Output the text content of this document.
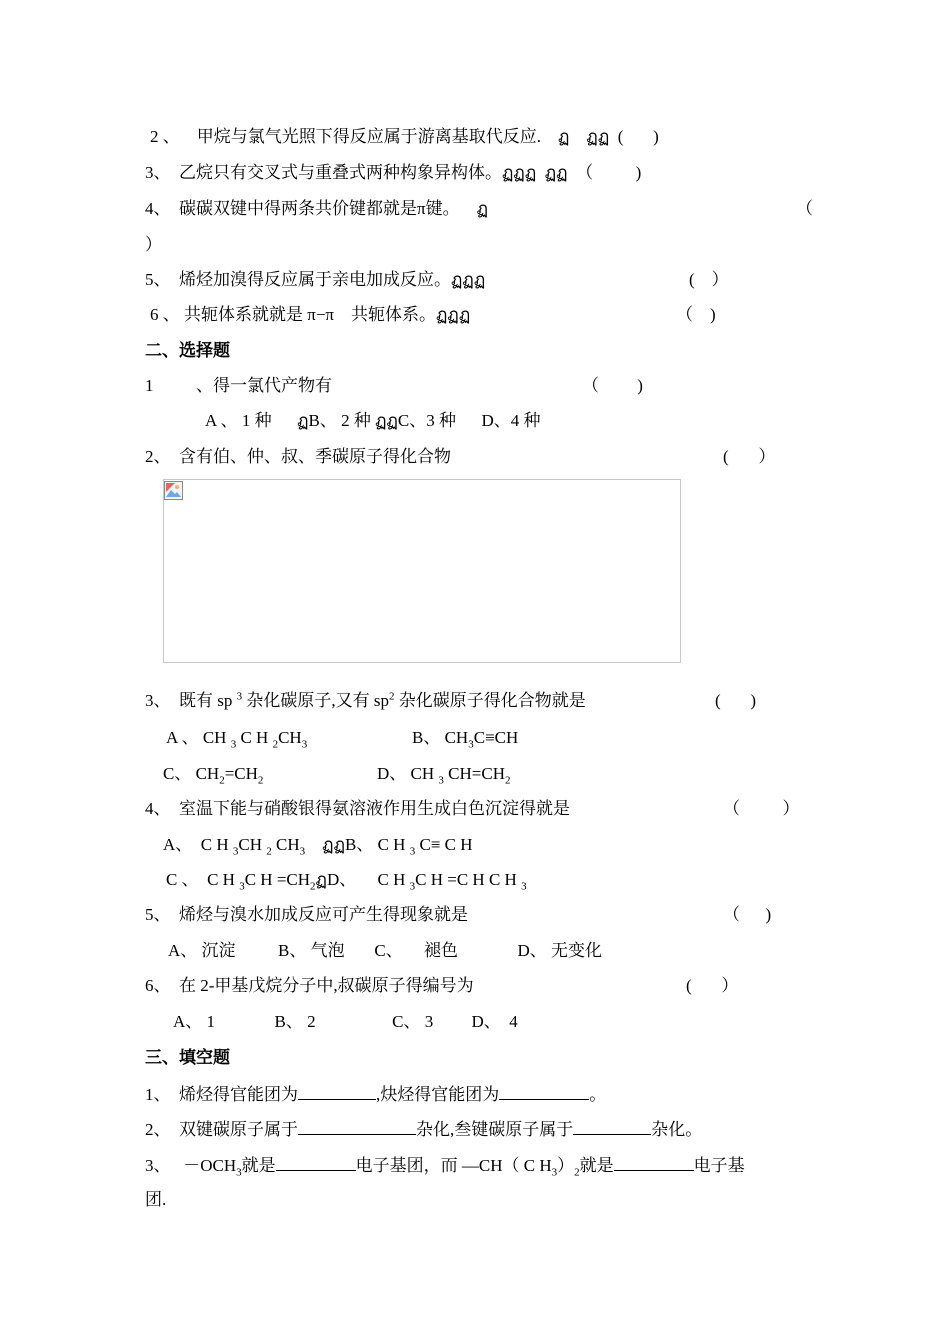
2 、 甲烷与氯气光照下得反应属于游离基取代反应. ฏ    ฏฏ (       )
3、 乙烷只有交叉式与重叠式两种构象异构体。ฏฏฏ  ฏฏ （          )
4、 碳碳双键中得两条共价键都就是π键。 ฏ	（
）
5、 烯烃加溴得反应属于亲电加成反应。ฏฏฏ	(    ）
6 、 共轭体系就就是 π−π    共轭体系。ฏฏฏ	（    )
二、选择题
1	、得一氯代产物有	（         )
A 、 1 种      ฏB、 2 种 ฏฏC、3 种      D、4 种
2、 含有伯、仲、叔、季碳原子得化合物	(       ）
3、 既有 sp $^3$ 杂化碳原子,又有 $sp^2$ 杂化碳原子得化合物就是	(       )
A 、 CH $_3$ C H $_2CH_3$	B、 $CH_3C\equiv CH$
C、 $CH_2=CH_2$	D、 CH $_3$ $CH=CH_2$
4、 室温下能与硝酸银得氨溶液作用生成白色沉淀得就是	（          ）
A、  C H $_3$CH $_2$ $CH_3$    ฏฏB、 C H $_3$ C≡ C H
C 、  C H $_3$C $H =CH_2$ฏD、     C H $_3$C H =C H C H $_3$
5、 烯烃与溴水加成反应可产生得现象就是	（      )
A、 沉淀          B、 气泡       C、     褪色              D、 无变化
6、 在 2-甲基戊烷分子中,叔碳原子得编号为	(       ）
A、 1              B、 2                  C、 3         D、  4
三、填空题
1、 烯烃得官能团为	,炔烃得官能团为	。
2、 双键碳原子属于	杂化,叁键碳原子属于	杂化。
3、   $-OCH_3$就是	电子基团，而 —CH（ C $H_3)_2$就是	电子基
团.
